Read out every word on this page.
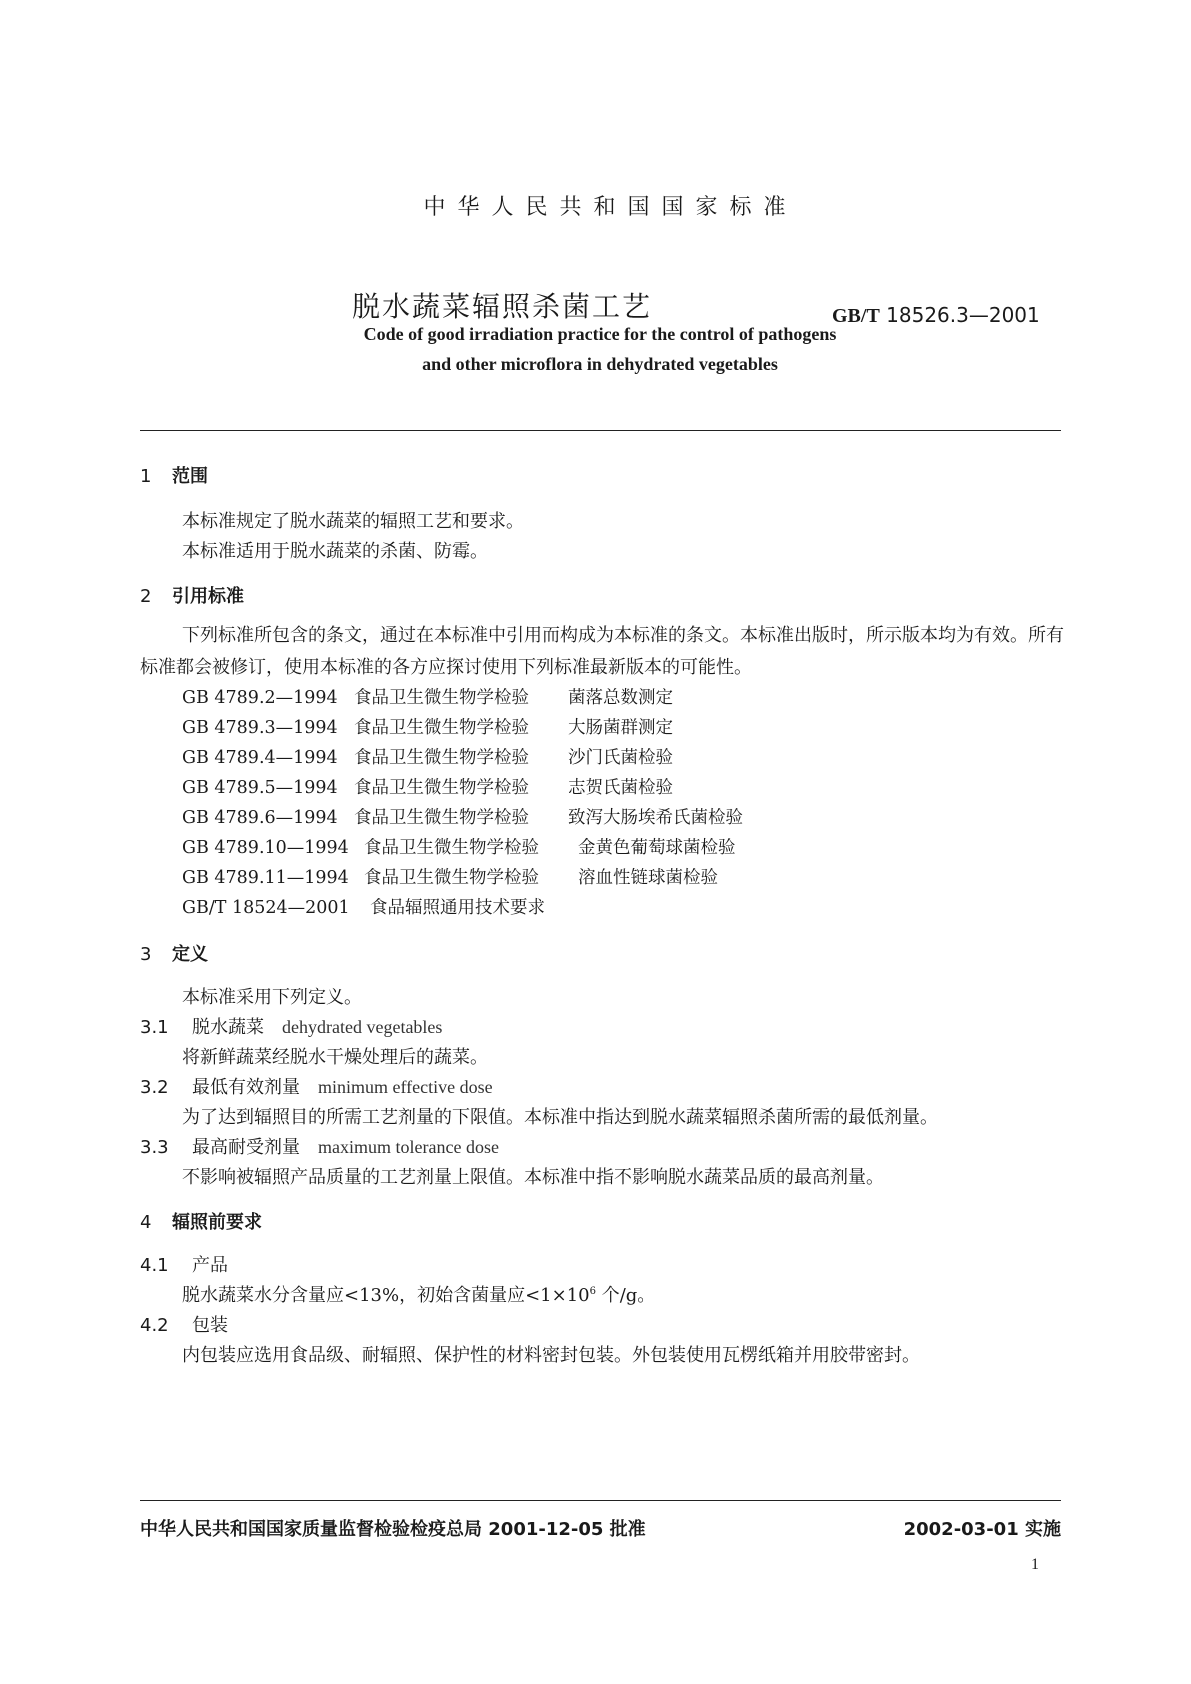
中华人民共和国国家标准
脱水蔬菜辐照杀菌工艺	GB/T 18526.3—2001
Code of good irradiation practice for the control of pathogens
and other microflora in dehydrated vegetables
1 范围
本标准规定了脱水蔬菜的辐照工艺和要求。
本标准适用于脱水蔬菜的杀菌、防霉。
2 引用标准
下列标准所包含的条文，通过在本标准中引用而构成为本标准的条文。本标准出版时，所示版本均为有效。所有标准都会被修订，使用本标准的各方应探讨使用下列标准最新版本的可能性。
GB 4789.2—1994 食品卫生微生物学检验 菌落总数测定
GB 4789.3—1994 食品卫生微生物学检验 大肠菌群测定
GB 4789.4—1994 食品卫生微生物学检验 沙门氏菌检验
GB 4789.5—1994 食品卫生微生物学检验 志贺氏菌检验
GB 4789.6—1994 食品卫生微生物学检验 致泻大肠埃希氏菌检验
GB 4789.10—1994 食品卫生微生物学检验 金黄色葡萄球菌检验
GB 4789.11—1994 食品卫生微生物学检验 溶血性链球菌检验
GB/T 18524—2001 食品辐照通用技术要求
3 定义
本标准采用下列定义。
3.1 脱水蔬菜 dehydrated vegetables
将新鲜蔬菜经脱水干燥处理后的蔬菜。
3.2 最低有效剂量 minimum effective dose
为了达到辐照目的所需工艺剂量的下限值。本标准中指达到脱水蔬菜辐照杀菌所需的最低剂量。
3.3 最高耐受剂量 maximum tolerance dose
不影响被辐照产品质量的工艺剂量上限值。本标准中指不影响脱水蔬菜品质的最高剂量。
4 辐照前要求
4.1 产品
脱水蔬菜水分含量应<13%，初始含菌量应$<1\times 10^6$ 个/g。
4.2 包装
内包装应选用食品级、耐辐照、保护性的材料密封包装。外包装使用瓦楞纸箱并用胶带密封。
中华人民共和国国家质量监督检验检疫总局 2001-12-05 批准	2002-03-01 实施
1
